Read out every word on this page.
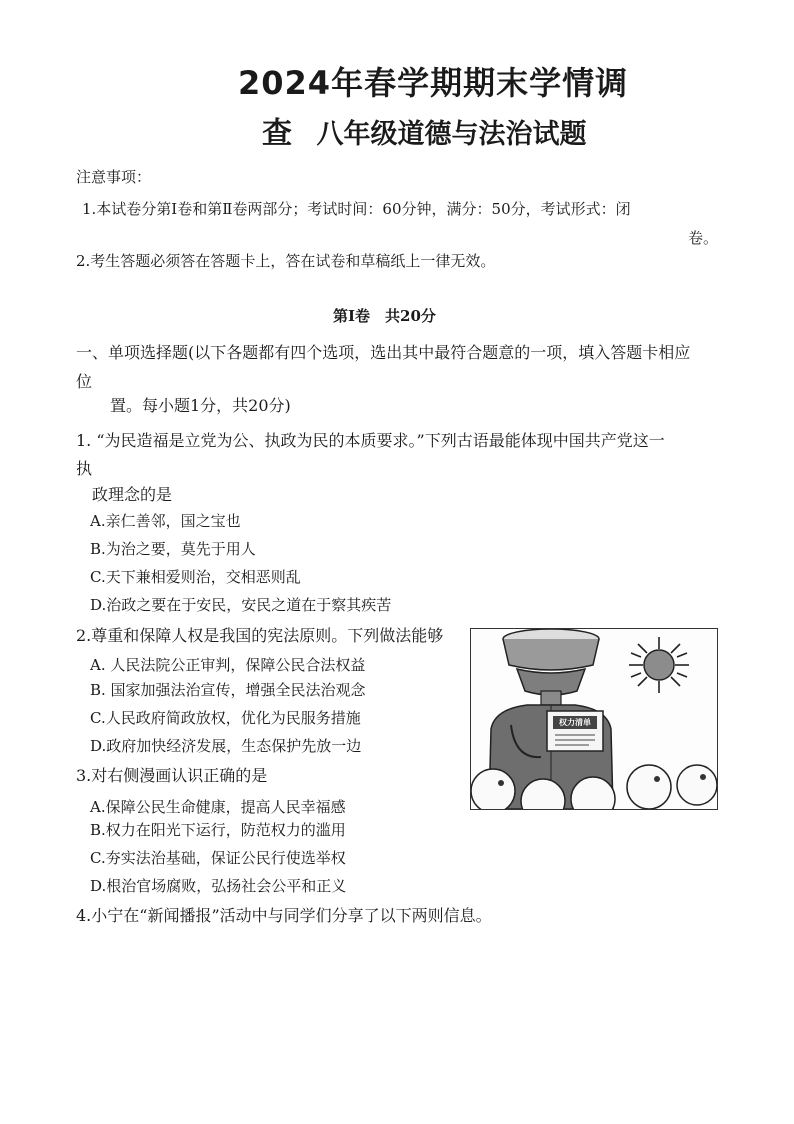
2024年春学期期末学情调
查 八年级道德与法治试题
注意事项：
1.本试卷分第Ⅰ卷和第Ⅱ卷两部分；考试时间：60分钟，满分：50分，考试形式：闭
卷。
2.考生答题必须答在答题卡上，答在试卷和草稿纸上一律无效。
第Ⅰ卷　共20分
一、单项选择题(以下各题都有四个选项，选出其中最符合题意的一项，填入答题卡相应
位
置。每小题1分，共20分)
1. “为民造福是立党为公、执政为民的本质要求。”下列古语最能体现中国共产党这一
执
政理念的是
A.亲仁善邻，国之宝也
B.为治之要，莫先于用人
C.天下兼相爱则治，交相恶则乱
D.治政之要在于安民，安民之道在于察其疾苦
2.尊重和保障人权是我国的宪法原则。下列做法能够
A. 人民法院公正审判，保障公民合法权益
B. 国家加强法治宣传，增强全民法治观念
C.人民政府简政放权，优化为民服务措施
D.政府加快经济发展，生态保护先放一边
3.对右侧漫画认识正确的是
A.保障公民生命健康，提高人民幸福感
B.权力在阳光下运行，防范权力的滥用
C.夯实法治基础，保证公民行使选举权
D.根治官场腐败，弘扬社会公平和正义
4.小宁在“新闻播报”活动中与同学们分享了以下两则信息。
权力清单
